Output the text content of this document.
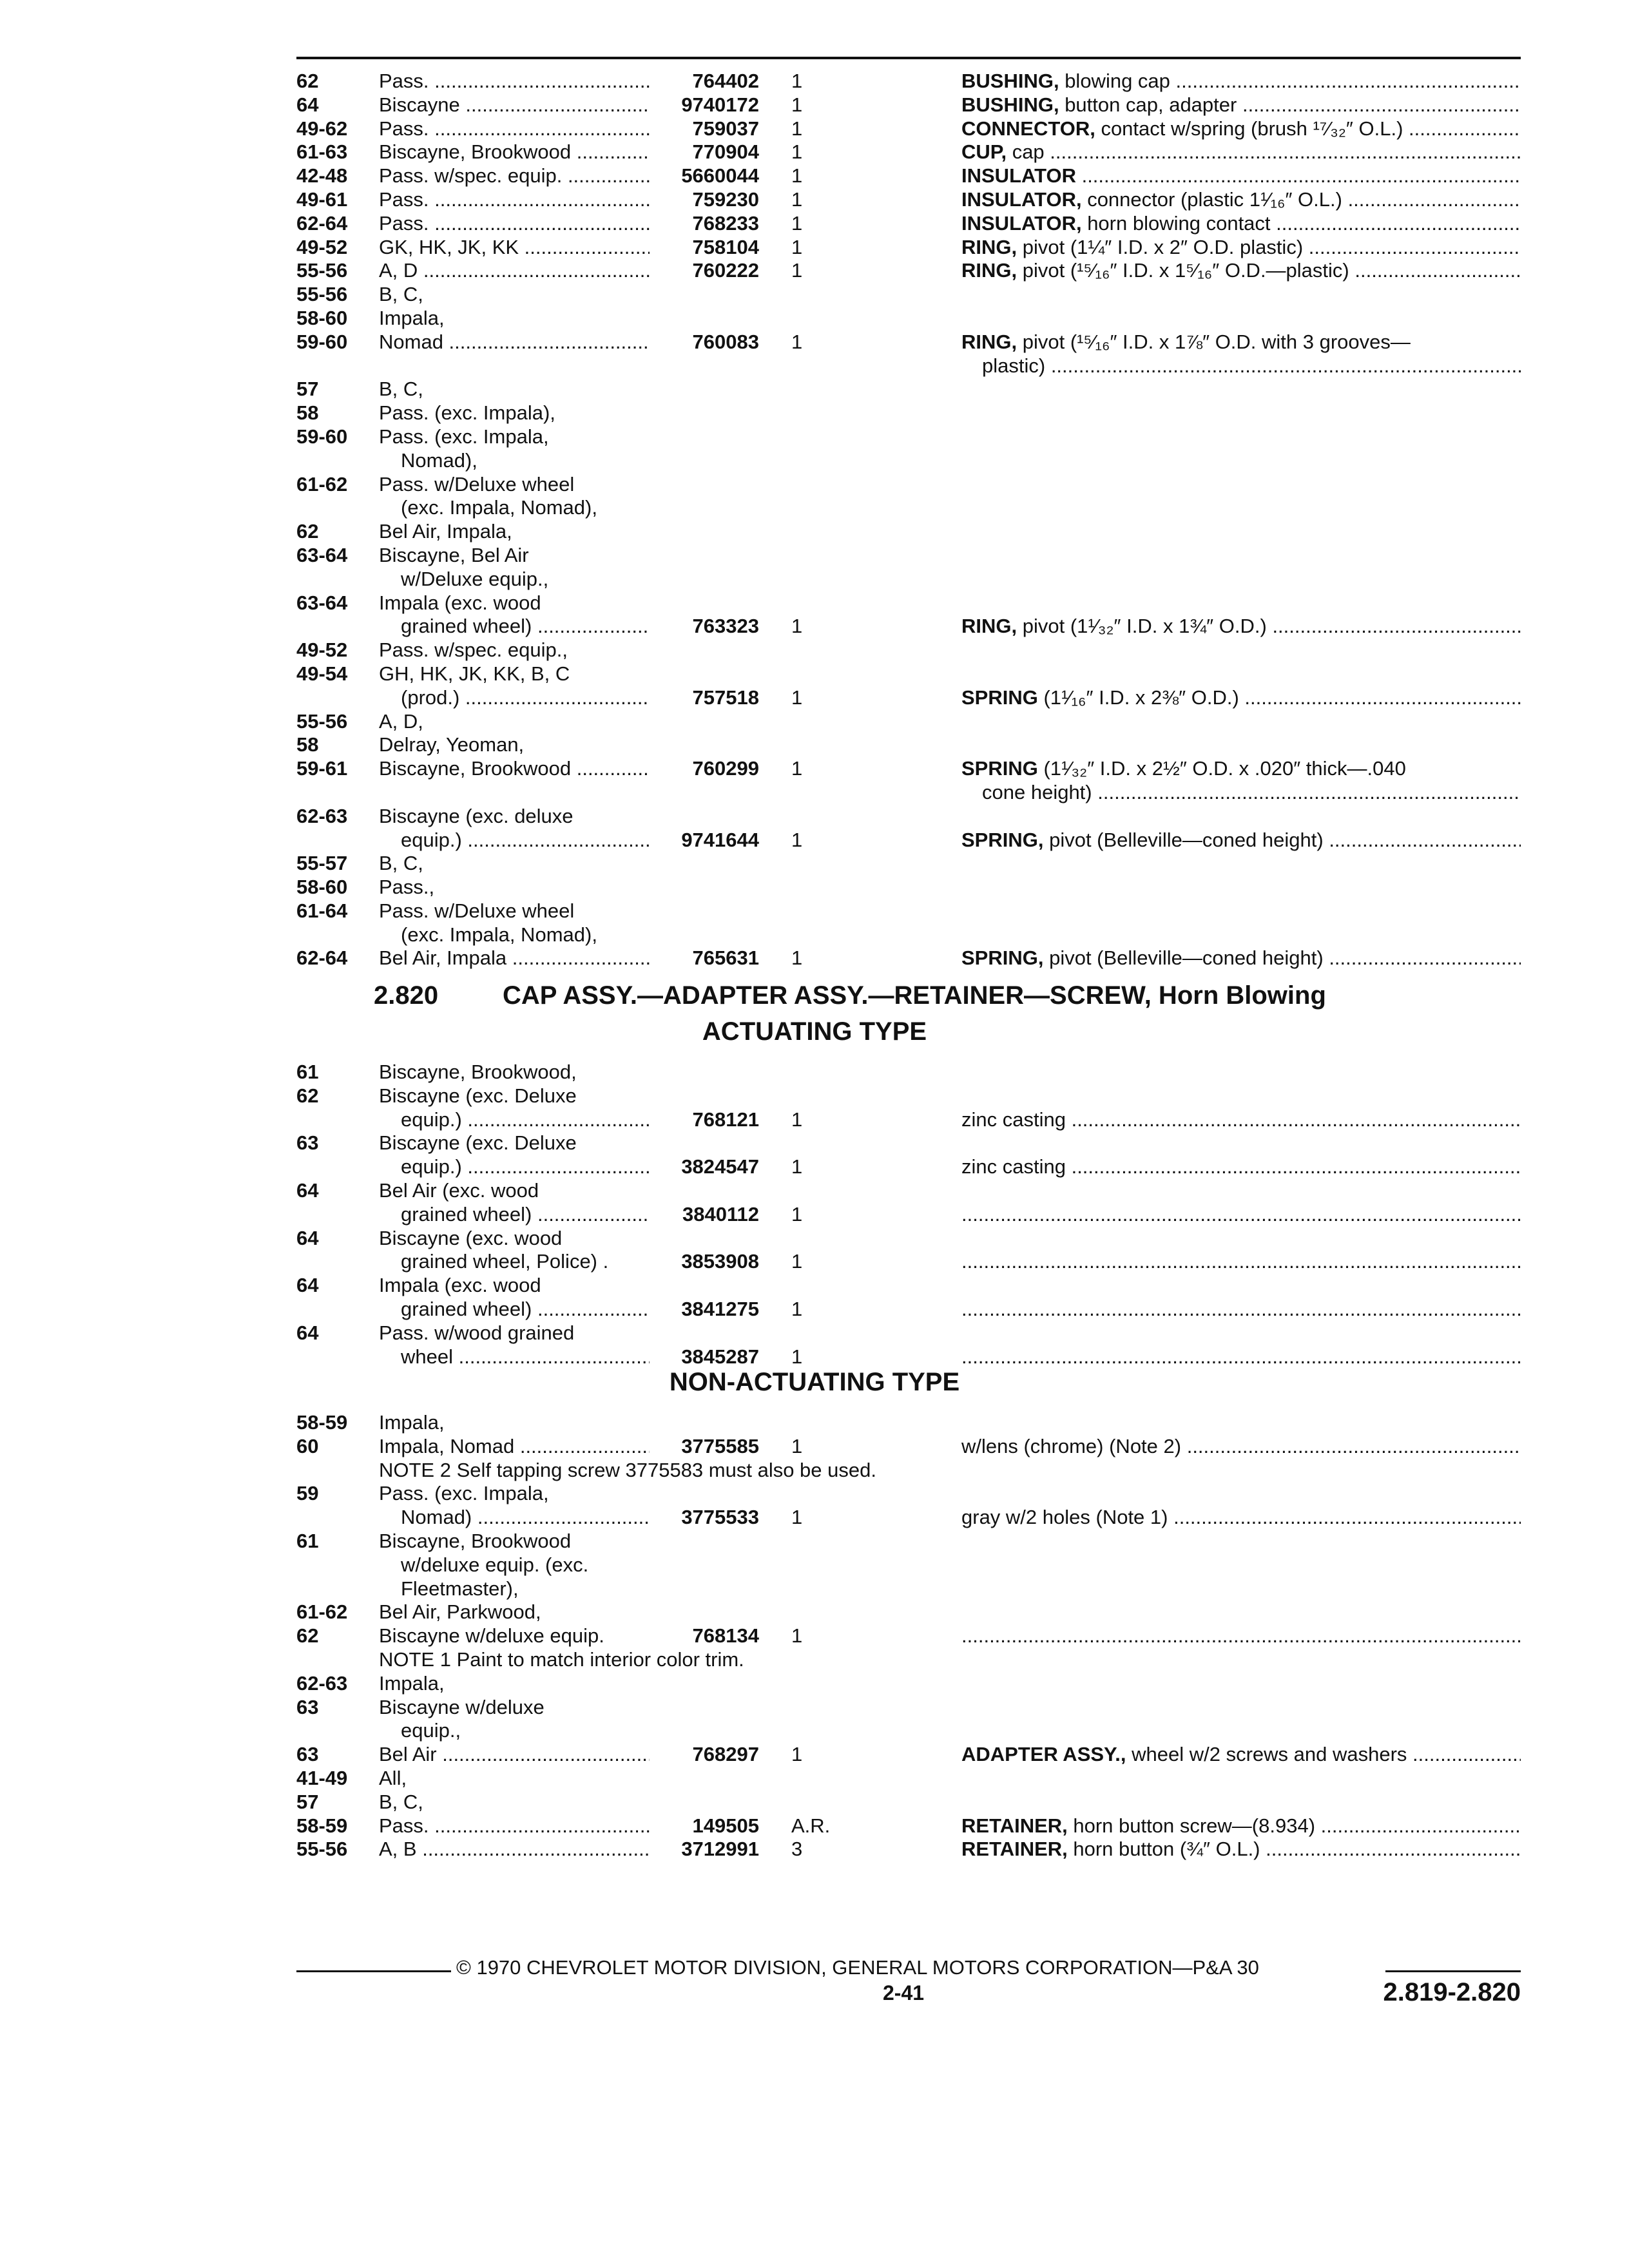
62	Pass. .....	764402 1	BUSHING, blowing cap .....
64	Biscayne .....	9740172 1	BUSHING, button cap, adapter .....
49-62 Pass. .....	759037 1	CONNECTOR, contact w/spring (brush ¹⁷⁄₃₂″ O.L.) .....
61-63 Biscayne, Brookwood .....	770904 1	CUP, cap .....
42-48 Pass. w/spec. equip. .....	5660044 1	INSULATOR .....
49-61 Pass. .....	759230 1	INSULATOR, connector (plastic 1¹⁄₁₆″ O.L.) .....
62-64 Pass. .....	768233 1	INSULATOR, horn blowing contact .....
49-52 GK, HK, JK, KK .....	758104 1	RING, pivot (1¼″ I.D. x 2″ O.D. plastic) .....
55-56 A, D .....	760222 1	RING, pivot (¹⁵⁄₁₆″ I.D. x 1⁵⁄₁₆″ O.D.—plastic) .....
55-56 B, C,
58-60 Impala,
59-60 Nomad .....	760083 1	RING, pivot (¹⁵⁄₁₆″ I.D. x 1⅞″ O.D. with 3 grooves—
plastic) .....
57	B, C,
58	Pass. (exc. Impala),
59-60 Pass. (exc. Impala,
Nomad),
61-62 Pass. w/Deluxe wheel
(exc. Impala, Nomad),
62	Bel Air, Impala,
63-64 Biscayne, Bel Air
w/Deluxe equip.,
63-64 Impala (exc. wood
grained wheel) .....	763323 1	RING, pivot (1¹⁄₃₂″ I.D. x 1¾″ O.D.) .....
49-52 Pass. w/spec. equip.,
49-54 GH, HK, JK, KK, B, C
(prod.) .....	757518 1	SPRING (1¹⁄₁₆″ I.D. x 2⅜″ O.D.) .....
55-56 A, D,
58	Delray, Yeoman,
59-61 Biscayne, Brookwood .....	760299 1	SPRING (1¹⁄₃₂″ I.D. x 2½″ O.D. x .020″ thick—.040
cone height) .....
62-63 Biscayne (exc. deluxe
equip.) .....	9741644 1	SPRING, pivot (Belleville—coned height) .....
55-57 B, C,
58-60 Pass.,
61-64 Pass. w/Deluxe wheel
(exc. Impala, Nomad),
62-64 Bel Air, Impala .....	765631 1	SPRING, pivot (Belleville—coned height) .....
2.820 CAP ASSY.—ADAPTER ASSY.—RETAINER—SCREW, Horn Blowing
ACTUATING TYPE
61	Biscayne, Brookwood,
62	Biscayne (exc. Deluxe
equip.) .....	768121 1	zinc casting .....
63	Biscayne (exc. Deluxe
equip.) .....	3824547 1	zinc casting .....
64	Bel Air (exc. wood
grained wheel) .....	3840112 1
.....
64	Biscayne (exc. wood
grained wheel, Police) .	3853908 1
.....
64	Impala (exc. wood
grained wheel) .....	3841275 1
.....
64	Pass. w/wood grained
wheel .....	3845287 1
.....
NON-ACTUATING TYPE
58-59 Impala,
60	Impala, Nomad .....	3775585 1	w/lens (chrome) (Note 2) .....
NOTE 2 Self tapping screw 3775583 must also be used.
59	Pass. (exc. Impala,
Nomad) .....	3775533 1	gray w/2 holes (Note 1) .....
61	Biscayne, Brookwood
w/deluxe equip. (exc.
Fleetmaster),
61-62 Bel Air, Parkwood,
62	Biscayne w/deluxe equip.	768134 1
.....
NOTE 1 Paint to match interior color trim.
62-63 Impala,
63	Biscayne w/deluxe
equip.,
63	Bel Air .....	768297 1	ADAPTER ASSY., wheel w/2 screws and washers .....
41-49 All,
57	B, C,
58-59 Pass. .....	149505 A.R.	RETAINER, horn button screw—(8.934) .....
55-56 A, B .....	3712991 3	RETAINER, horn button (¾″ O.L.) .....
© 1970 CHEVROLET MOTOR DIVISION, GENERAL MOTORS CORPORATION—P&A 30
2-41	2.819-2.820
